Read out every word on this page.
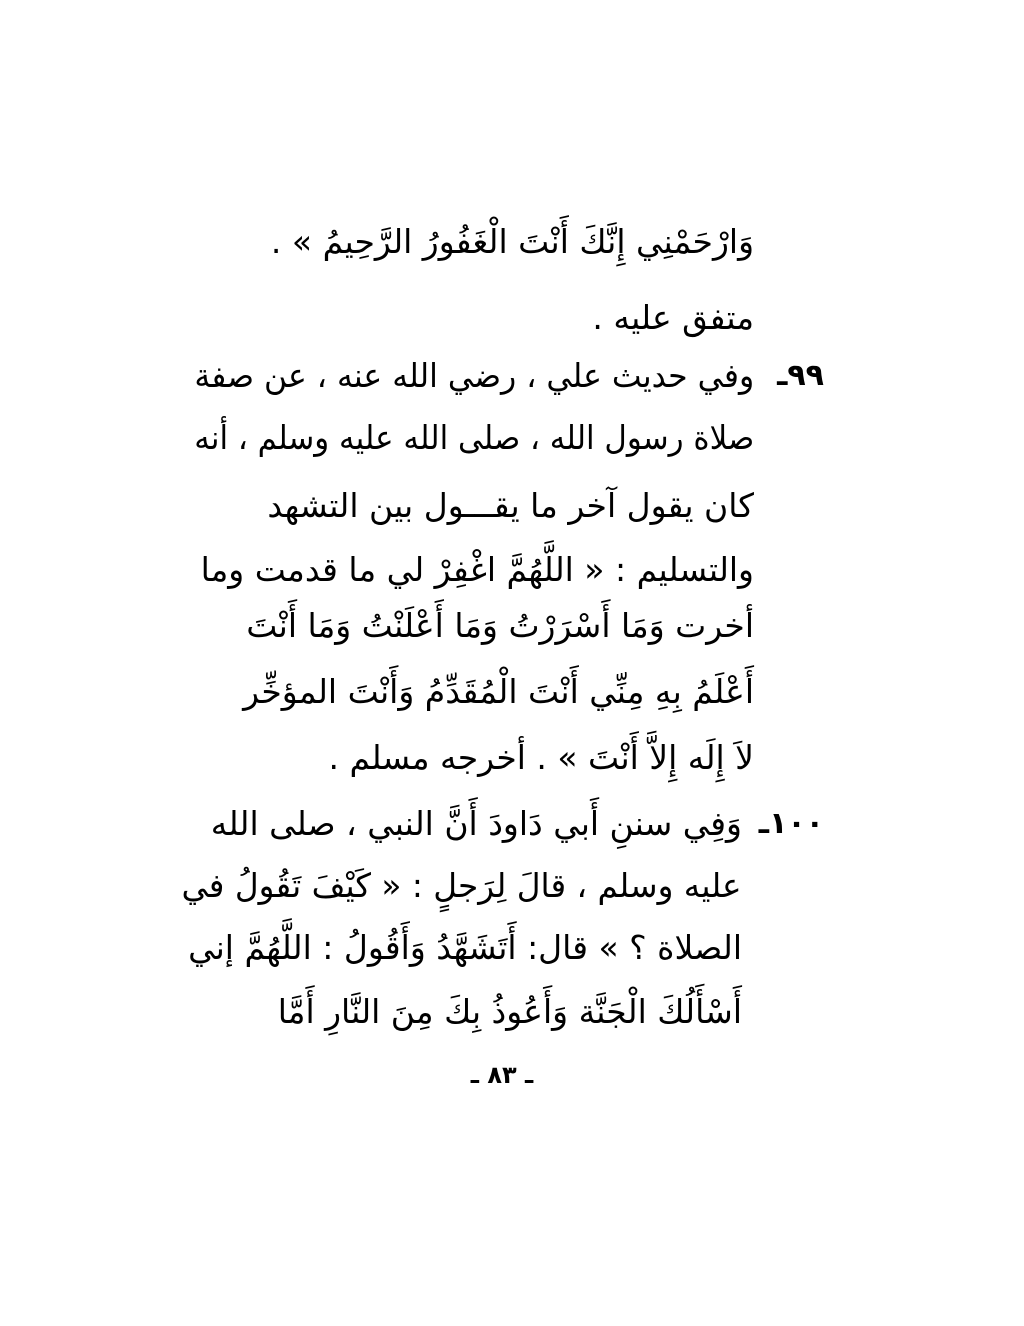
وَارْحَمْنِي إِنَّكَ أَنْتَ الْغَفُورُ الرَّحِيمُ » .
متفق عليه .
٩٩ـ
وفي حديث علي ، رضي الله عنه ، عن صفة
صلاة رسول الله ، صلى الله عليه وسلم ، أنه
كان يقول آخر ما يقـــول بين التشهد
والتسليم : « اللَّهُمَّ اغْفِرْ لي ما قدمت وما
أخرت وَمَا أَسْرَرْتُ وَمَا أَعْلَنْتُ وَمَا أَنْتَ
أَعْلَمُ بِهِ مِنِّي أَنْتَ الْمُقَدِّمُ وَأَنْتَ المؤخِّر
لاَ إِلَه إِلاَّ أَنْتَ » . أخرجه مسلم .
١٠٠ـ
وَفِي سننِ أَبي دَاودَ أَنَّ النبي ، صلى الله
عليه وسلم ، قالَ لِرَجلٍ : « كَيْفَ تَقُولُ في
الصلاة ؟ » قال: أَتَشَهَّدُ وَأَقُولُ : اللَّهُمَّ إني
أَسْأَلُكَ الْجَنَّة وَأَعُوذُ بِكَ مِنَ النَّارِ أَمَّا
ـ ٨٣ ـ
